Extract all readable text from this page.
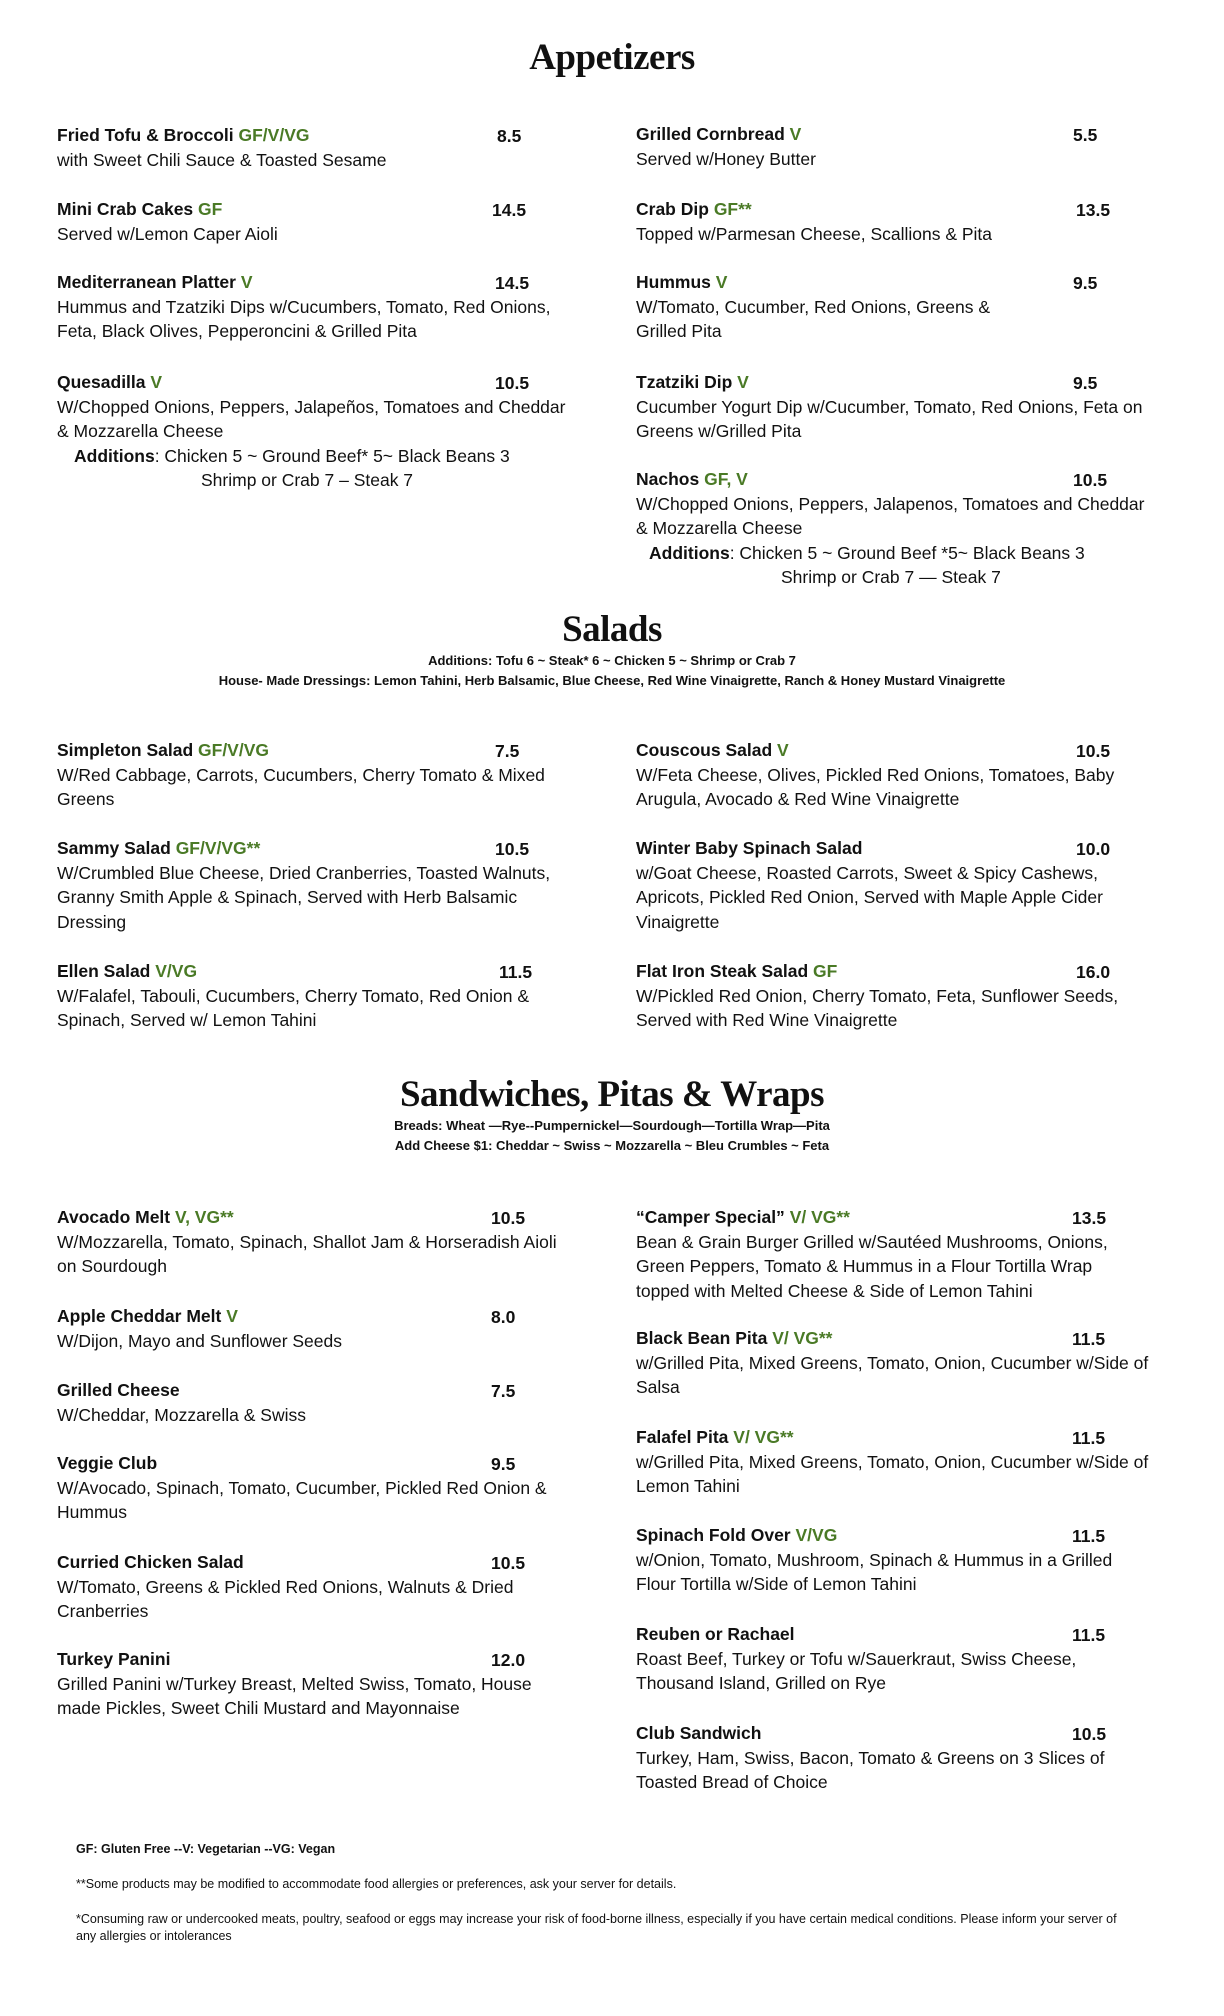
Appetizers
Salads
Additions: Tofu 6 ~ Steak* 6 ~ Chicken 5 ~ Shrimp or Crab 7
House- Made Dressings: Lemon Tahini, Herb Balsamic, Blue Cheese, Red Wine Vinaigrette, Ranch & Honey Mustard Vinaigrette
Sandwiches, Pitas & Wraps
Breads: Wheat —Rye--Pumpernickel—Sourdough—Tortilla Wrap—Pita
Add Cheese $1: Cheddar ~ Swiss ~ Mozzarella ~ Bleu Crumbles ~ Feta
Fried Tofu & Broccoli GF/V/VG	8.5
with Sweet Chili Sauce & Toasted Sesame
Mini Crab Cakes GF	14.5
Served w/Lemon Caper Aioli
Mediterranean Platter V	14.5
Hummus and Tzatziki Dips w/Cucumbers, Tomato, Red Onions,
Feta, Black Olives, Pepperoncini & Grilled Pita
Quesadilla V	10.5
W/Chopped Onions, Peppers, Jalapeños, Tomatoes and Cheddar
& Mozzarella Cheese
Additions: Chicken 5 ~ Ground Beef* 5~ Black Beans 3
Shrimp or Crab 7 – Steak 7
Grilled Cornbread V	5.5
Served w/Honey Butter
Crab Dip GF**	13.5
Topped w/Parmesan Cheese, Scallions & Pita
Hummus V	9.5
W/Tomato, Cucumber, Red Onions, Greens &
Grilled Pita
Tzatziki Dip V	9.5
Cucumber Yogurt Dip w/Cucumber, Tomato, Red Onions, Feta on
Greens w/Grilled Pita
Nachos GF, V	10.5
W/Chopped Onions, Peppers, Jalapenos, Tomatoes and Cheddar
& Mozzarella Cheese
Additions: Chicken 5 ~ Ground Beef *5~ Black Beans 3
Shrimp or Crab 7 — Steak 7
Simpleton Salad GF/V/VG	7.5
W/Red Cabbage, Carrots, Cucumbers, Cherry Tomato & Mixed
Greens
Sammy Salad GF/V/VG**	10.5
W/Crumbled Blue Cheese, Dried Cranberries, Toasted Walnuts,
Granny Smith Apple & Spinach, Served with Herb Balsamic
Dressing
Ellen Salad V/VG	11.5
W/Falafel, Tabouli, Cucumbers, Cherry Tomato, Red Onion &
Spinach, Served w/ Lemon Tahini
Couscous Salad V	10.5
W/Feta Cheese, Olives, Pickled Red Onions, Tomatoes, Baby
Arugula, Avocado & Red Wine Vinaigrette
Winter Baby Spinach Salad	10.0
w/Goat Cheese, Roasted Carrots, Sweet & Spicy Cashews,
Apricots, Pickled Red Onion, Served with Maple Apple Cider
Vinaigrette
Flat Iron Steak Salad GF	16.0
W/Pickled Red Onion, Cherry Tomato, Feta, Sunflower Seeds,
Served with Red Wine Vinaigrette
Avocado Melt V, VG**	10.5
W/Mozzarella, Tomato, Spinach, Shallot Jam & Horseradish Aioli
on Sourdough
Apple Cheddar Melt V	8.0
W/Dijon, Mayo and Sunflower Seeds
Grilled Cheese	7.5
W/Cheddar, Mozzarella & Swiss
Veggie Club	9.5
W/Avocado, Spinach, Tomato, Cucumber, Pickled Red Onion &
Hummus
Curried Chicken Salad	10.5
W/Tomato, Greens & Pickled Red Onions, Walnuts & Dried
Cranberries
Turkey Panini	12.0
Grilled Panini w/Turkey Breast, Melted Swiss, Tomato, House
made Pickles, Sweet Chili Mustard and Mayonnaise
“Camper Special” V/ VG**	13.5
Bean & Grain Burger Grilled w/Sautéed Mushrooms, Onions,
Green Peppers, Tomato & Hummus in a Flour Tortilla Wrap
topped with Melted Cheese & Side of Lemon Tahini
Black Bean Pita V/ VG**	11.5
w/Grilled Pita, Mixed Greens, Tomato, Onion, Cucumber w/Side of
Salsa
Falafel Pita V/ VG**	11.5
w/Grilled Pita, Mixed Greens, Tomato, Onion, Cucumber w/Side of
Lemon Tahini
Spinach Fold Over V/VG	11.5
w/Onion, Tomato, Mushroom, Spinach & Hummus in a Grilled
Flour Tortilla w/Side of Lemon Tahini
Reuben or Rachael	11.5
Roast Beef, Turkey or Tofu w/Sauerkraut, Swiss Cheese,
Thousand Island, Grilled on Rye
Club Sandwich	10.5
Turkey, Ham, Swiss, Bacon, Tomato & Greens on 3 Slices of
Toasted Bread of Choice
GF: Gluten Free --V: Vegetarian --VG: Vegan
**Some products may be modified to accommodate food allergies or preferences, ask your server for details.
*Consuming raw or undercooked meats, poultry, seafood or eggs may increase your risk of food-borne illness, especially if you have certain medical conditions. Please inform your server of any allergies or intolerances
